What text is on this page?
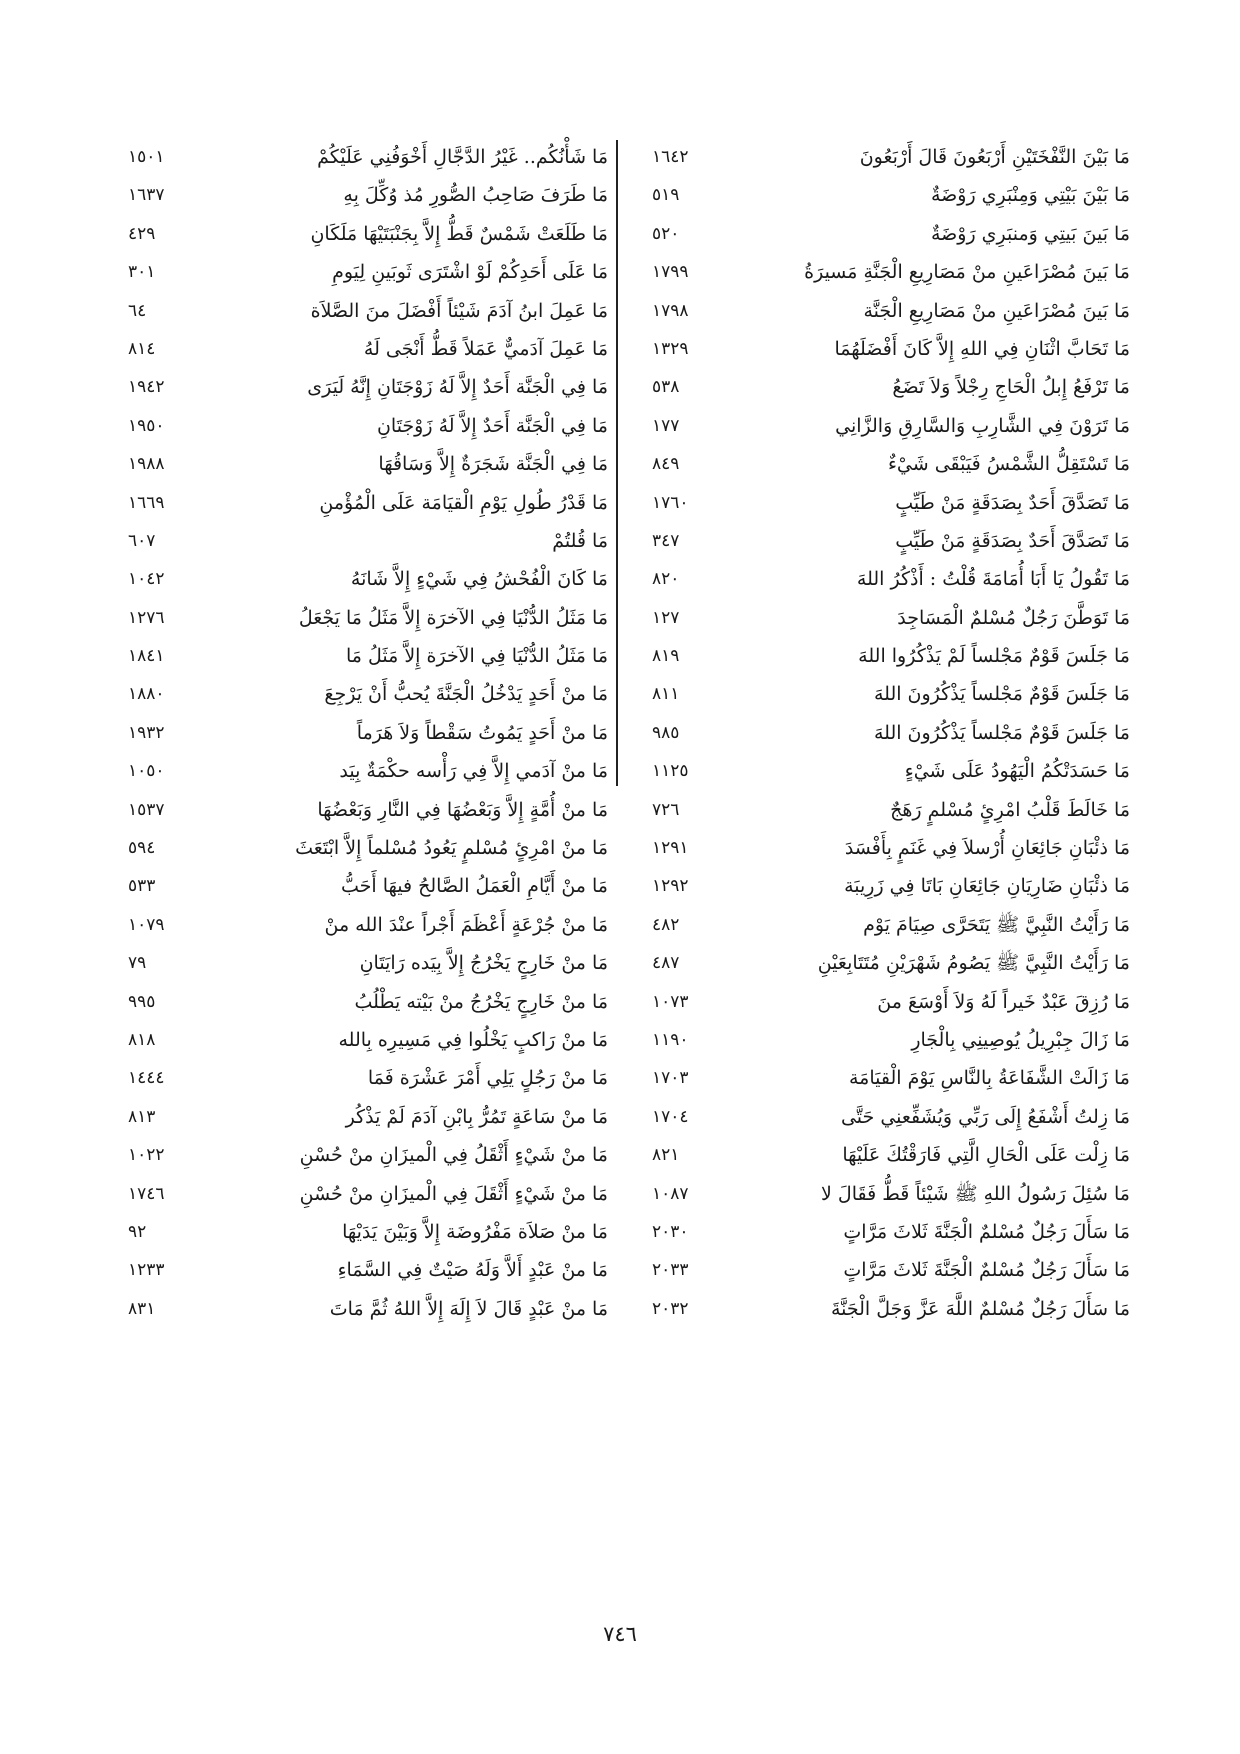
مَا بَيْنَ النَّفْخَتَيْنِ أَرْبَعُونَ قَالَ أَرْبَعُونَ
١٦٤٢
مَا بَيْنَ بَيْتِي وَمِنْبَرِي رَوْضَةٌ
٥١٩
مَا بَينَ بَيتِي وَمنبَرِي رَوْضَةٌ
٥٢٠
مَا بَينَ مُصْرَاعَينِ منْ مَصَارِيعِ الْجَنَّةِ مَسيرَةُ
١٧٩٩
مَا بَينَ مُصْرَاعَينِ منْ مَصَارِيعِ الْجَنَّة
١٧٩٨
مَا تَحَابَّ اثْنَانِ فِي اللهِ إِلاَّ كَانَ أَفْضَلَهُمَا
١٣٢٩
مَا تَرْفَعُ إِبلُ الْحَاجِ رِجْلاً وَلاَ تَضَعُ
٥٣٨
مَا تَرَوْنَ فِي الشَّارِبِ وَالسَّارِقِ وَالزَّانِي
١٧٧
مَا تَسْتَقِلُّ الشَّمْسُ فَيَبْقَى شَيْءٌ
٨٤٩
مَا تَصَدَّقَ أَحَدٌ بِصَدَقَةٍ مَنْ طَيِّبٍ
١٧٦٠
مَا تَصَدَّقَ أَحَدٌ بِصَدَقَةٍ مَنْ طَيِّبٍ
٣٤٧
مَا تَقُولُ يَا أَبَا أُمَامَةَ قُلْتُ : أَذْكُرُ اللهَ
٨٢٠
مَا تَوَطَّنَ رَجُلٌ مُسْلمٌ الْمَسَاجِدَ
١٢٧
مَا جَلَسَ قَوْمٌ مَجْلساً لَمْ يَذْكُرُوا اللهَ
٨١٩
مَا جَلَسَ قَوْمٌ مَجْلساً يَذْكُرُونَ اللهَ
٨١١
مَا جَلَسَ قَوْمٌ مَجْلساً يَذْكُرُونَ اللهَ
٩٨٥
مَا حَسَدَتْكُمُ الْيَهُودُ عَلَى شَيْءٍ
١١٢٥
مَا خَالَطَ قَلْبُ امْرِئٍ مُسْلمٍ رَهَجٌ
٧٢٦
مَا ذئْبَانِ جَائِعَانِ أُرْسلاَ فِي غَنَمٍ بِأَفْسَدَ
١٢٩١
مَا ذئْبَانِ ضَارِيَانِ جَائِعَانِ بَاتَا فِي زَرِيبَة
١٢٩٢
مَا رَأَيْتُ النَّبِيَّ ﷺ يَتَحَرَّى صِيَامَ يَوْم
٤٨٢
مَا رَأَيْتُ النَّبِيَّ ﷺ يَصُومُ شَهْرَيْنِ مُتَتَابِعَيْنِ
٤٨٧
مَا رُزِقَ عَبْدٌ خَيراً لَهُ وَلاَ أَوْسَعَ منَ
١٠٧٣
مَا زَالَ جِبْرِيلُ يُوصِينِي بِالْجَارِ
١١٩٠
مَا زَالَتْ الشَّفَاعَةُ بِالنَّاسِ يَوْمَ الْقيَامَة
١٧٠٣
مَا زِلتُ أَشْفَعُ إِلَى رَبِّي وَيُشَفِّعنِي حَتَّى
١٧٠٤
مَا زِلْت عَلَى الْحَالِ الَّتِي فَارَقْتُكَ عَلَيْهَا
٨٢١
مَا سُئِلَ رَسُولُ اللهِ ﷺ شَيْئاً قَطُّ فَقَالَ لا
١٠٨٧
مَا سَأَلَ رَجُلٌ مُسْلمٌ الْجَنَّةَ ثَلاثَ مَرَّاتٍ
٢٠٣٠
مَا سَأَلَ رَجُلٌ مُسْلمٌ الْجَنَّةَ ثَلاثَ مَرَّاتٍ
٢٠٣٣
مَا سَأَلَ رَجُلٌ مُسْلمٌ اللَّهَ عَزَّ وَجَلَّ الْجَنَّةَ
٢٠٣٢
مَا شَأْنُكُم.. غَيْرُ الدَّجَّالِ أَخْوَفُنِي عَلَيْكُمْ
١٥٠١
مَا طَرَفَ صَاحِبُ الصُّورِ مُذ وُكِّلَ بِهِ
١٦٣٧
مَا طَلَعَتْ شَمْسٌ قَطُّ إِلاَّ بِجَنْبَتَيْهَا مَلَكَانِ
٤٢٩
مَا عَلَى أَحَدِكُمْ لَوْ اشْتَرَى ثَوبَينِ لِيَومِ
٣٠١
مَا عَمِلَ ابنُ آدَمَ شَيْئاً أَفْضَلَ منَ الصَّلاَة
٦٤
مَا عَمِلَ آدَميٌّ عَمَلاً قَطُّ أَنْجَى لَهُ
٨١٤
مَا فِي الْجَنَّة أَحَدٌ إِلاَّ لَهُ زَوْجَتَانِ إِنَّهُ لَيَرَى
١٩٤٢
مَا فِي الْجَنَّة أَحَدٌ إِلاَّ لَهُ زَوْجَتَانِ
١٩٥٠
مَا فِي الْجَنَّة شَجَرَةٌ إِلاَّ وَسَاقُهَا
١٩٨٨
مَا قَدْرُ طُولِ يَوْمِ الْقيَامَة عَلَى الْمُؤْمنِ
١٦٦٩
مَا قُلتُمْ
٦٠٧
مَا كَانَ الْفُحْشُ فِي شَيْءٍ إِلاَّ شَانَهُ
١٠٤٢
مَا مَثَلُ الدُّنْيَا فِي الآخرَة إِلاَّ مَثَلُ مَا يَجْعَلُ
١٢٧٦
مَا مَثَلُ الدُّنْيَا فِي الآخرَة إِلاَّ مَثَلُ مَا
١٨٤١
مَا منْ أَحَدٍ يَدْخُلُ الْجَنَّةَ يُحبُّ أَنْ يَرْجِعَ
١٨٨٠
مَا منْ أَحَدٍ يَمُوتُ سَقْطاً وَلاَ هَرَماً
١٩٣٢
مَا منْ آدَمي إِلاَّ فِي رَأْسه حكْمَةٌ بِيَد
١٠٥٠
مَا منْ أُمَّةٍ إِلاَّ وَبَعْضُهَا فِي النَّارِ وَبَعْضُهَا
١٥٣٧
مَا منْ امْرِئٍ مُسْلمٍ يَعُودُ مُسْلماً إِلاَّ ابْتَعَثَ
٥٩٤
مَا منْ أَيَّامِ الْعَمَلُ الصَّالحُ فيهَا أَحَبُّ
٥٣٣
مَا منْ جُرْعَةٍ أَعْظَمَ أَجْراً عنْدَ الله منْ
١٠٧٩
مَا منْ خَارِجٍ يَخْرُجُ إِلاَّ بِيَده رَايَتَانِ
٧٩
مَا منْ خَارِجٍ يَخْرُجُ منْ بَيْته يَطْلُبُ
٩٩٥
مَا منْ رَاكبٍ يَخْلُوا فِي مَسِيرِه بِالله
٨١٨
مَا منْ رَجُلٍ يَلِي أَمْرَ عَشْرَة فَمَا
١٤٤٤
مَا منْ سَاعَةٍ تَمُرُّ بِابْنِ آدَمَ لَمْ يَذْكُر
٨١٣
مَا منْ شَيْءٍ أَثْقَلُ فِي الْميزَانِ منْ حُسْنِ
١٠٢٢
مَا منْ شَيْءٍ أَثْقَلَ فِي الْميزَانِ منْ حُسْنِ
١٧٤٦
مَا منْ صَلاَة مَفْرُوضَة إِلاَّ وَبَيْنَ يَدَيْهَا
٩٢
مَا منْ عَبْدٍ أَلاَّ وَلَهُ صَيْتٌ فِي السَّمَاءِ
١٢٣٣
مَا منْ عَبْدٍ قَالَ لاَ إِلَهَ إِلاَّ اللهُ ثُمَّ مَاتَ
٨٣١
٧٤٦
